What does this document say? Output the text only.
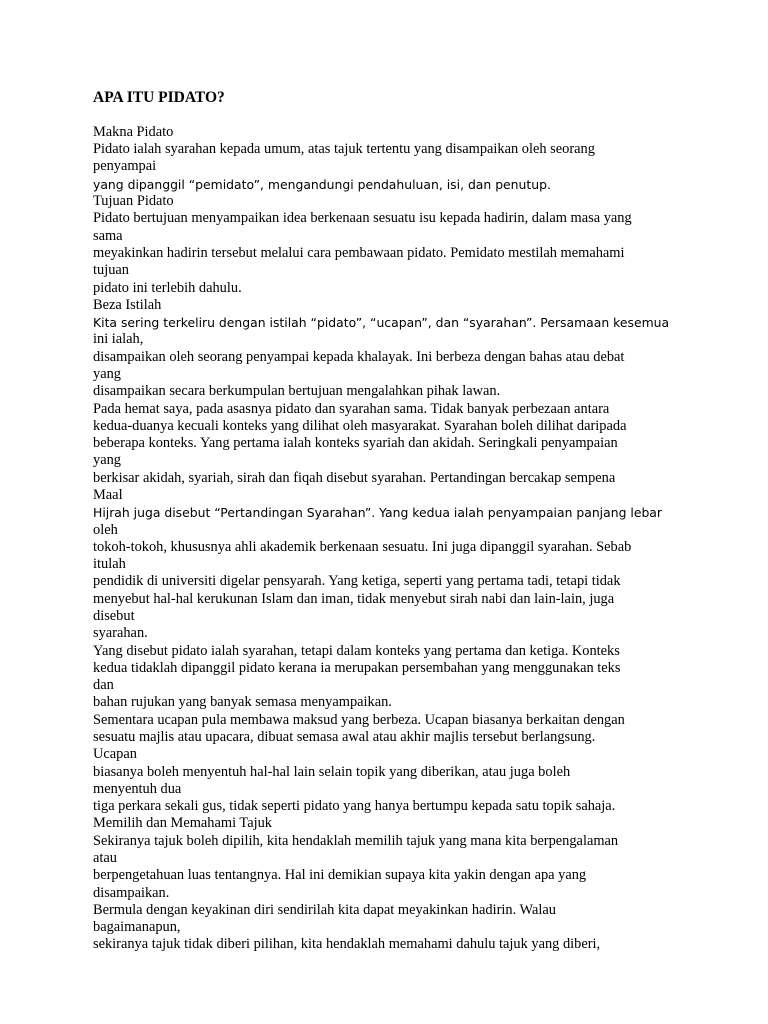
APA ITU PIDATO?
Makna Pidato
Pidato ialah syarahan kepada umum, atas tajuk tertentu yang disampaikan oleh seorang
penyampai
yang dipanggil “pemidato”, mengandungi pendahuluan, isi, dan penutup.
Tujuan Pidato
Pidato bertujuan menyampaikan idea berkenaan sesuatu isu kepada hadirin, dalam masa yang
sama
meyakinkan hadirin tersebut melalui cara pembawaan pidato. Pemidato mestilah memahami
tujuan
pidato ini terlebih dahulu.
Beza Istilah
Kita sering terkeliru dengan istilah “pidato”, “ucapan”, dan “syarahan”. Persamaan kesemua
ini ialah,
disampaikan oleh seorang penyampai kepada khalayak. Ini berbeza dengan bahas atau debat
yang
disampaikan secara berkumpulan bertujuan mengalahkan pihak lawan.
Pada hemat saya, pada asasnya pidato dan syarahan sama. Tidak banyak perbezaan antara
kedua-duanya kecuali konteks yang dilihat oleh masyarakat. Syarahan boleh dilihat daripada
beberapa konteks. Yang pertama ialah konteks syariah dan akidah. Seringkali penyampaian
yang
berkisar akidah, syariah, sirah dan fiqah disebut syarahan. Pertandingan bercakap sempena
Maal
Hijrah juga disebut “Pertandingan Syarahan”. Yang kedua ialah penyampaian panjang lebar
oleh
tokoh-tokoh, khususnya ahli akademik berkenaan sesuatu. Ini juga dipanggil syarahan. Sebab
itulah
pendidik di universiti digelar pensyarah. Yang ketiga, seperti yang pertama tadi, tetapi tidak
menyebut hal-hal kerukunan Islam dan iman, tidak menyebut sirah nabi dan lain-lain, juga
disebut
syarahan.
Yang disebut pidato ialah syarahan, tetapi dalam konteks yang pertama dan ketiga. Konteks
kedua tidaklah dipanggil pidato kerana ia merupakan persembahan yang menggunakan teks
dan
bahan rujukan yang banyak semasa menyampaikan.
Sementara ucapan pula membawa maksud yang berbeza. Ucapan biasanya berkaitan dengan
sesuatu majlis atau upacara, dibuat semasa awal atau akhir majlis tersebut berlangsung.
Ucapan
biasanya boleh menyentuh hal-hal lain selain topik yang diberikan, atau juga boleh
menyentuh dua
tiga perkara sekali gus, tidak seperti pidato yang hanya bertumpu kepada satu topik sahaja.
Memilih dan Memahami Tajuk
Sekiranya tajuk boleh dipilih, kita hendaklah memilih tajuk yang mana kita berpengalaman
atau
berpengetahuan luas tentangnya. Hal ini demikian supaya kita yakin dengan apa yang
disampaikan.
Bermula dengan keyakinan diri sendirilah kita dapat meyakinkan hadirin. Walau
bagaimanapun,
sekiranya tajuk tidak diberi pilihan, kita hendaklah memahami dahulu tajuk yang diberi,
